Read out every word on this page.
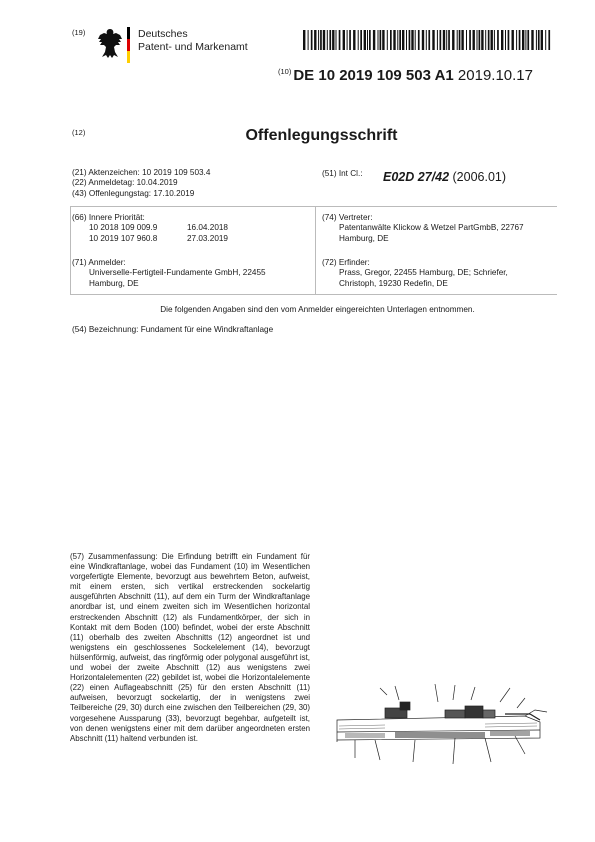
(19)	Deutsches
Patent- und Markenamt
$^{(10)}$ DE 10 2019 109 503 A1 2019.10.17
(12)	Offenlegungsschrift
(21) Aktenzeichen: 10 2019 109 503.4
(22) Anmeldetag: 10.04.2019
(43) Offenlegungstag: 17.10.2019
(51) Int Cl.: E02D 27/42 (2006.01)
(66) Innere Priorität:
10 2018 109 009.9	16.04.2018
10 2019 107 960.8	27.03.2019
(74) Vertreter:
Patentanwälte Klickow & Wetzel PartGmbB, 22767
Hamburg, DE
(71) Anmelder:
Universelle-Fertigteil-Fundamente GmbH, 22455
Hamburg, DE
(72) Erfinder:
Prass, Gregor, 22455 Hamburg, DE; Schriefer,
Christoph, 19230 Redefin, DE
Die folgenden Angaben sind den vom Anmelder eingereichten Unterlagen entnommen.
(54) Bezeichnung: Fundament für eine Windkraftanlage
(57) Zusammenfassung: Die Erfindung betrifft ein Fundament für eine Windkraftanlage, wobei das Fundament (10) im Wesentlichen vorgefertigte Elemente, bevorzugt aus bewehrtem Beton, aufweist, mit einem ersten, sich vertikal erstreckenden sockelartig ausgeführten Abschnitt (11), auf dem ein Turm der Windkraftanlage anordbar ist, und einem zweiten sich im Wesentlichen horizontal erstreckenden Abschnitt (12) als Fundamentkörper, der sich in Kontakt mit dem Boden (100) befindet, wobei der erste Abschnitt (11) oberhalb des zweiten Abschnitts (12) angeordnet ist und wenigstens ein geschlossenes Sockelelement (14), bevorzugt hülsenförmig, aufweist, das ringförmig oder polygonal ausgeführt ist, und wobei der zweite Abschnitt (12) aus wenigstens zwei Horizontalelementen (22) gebildet ist, wobei die Horizontalelemente (22) einen Auflageabschnitt (25) für den ersten Abschnitt (11) aufweisen, bevorzugt sockelartig, der in wenigstens zwei Teilbereiche (29, 30) durch eine zwischen den Teilbereichen (29, 30) vorgesehene Aussparung (33), bevorzugt begehbar, aufgeteilt ist, von denen wenigstens einer mit dem darüber angeordneten ersten Abschnitt (11) haltend verbunden ist.
